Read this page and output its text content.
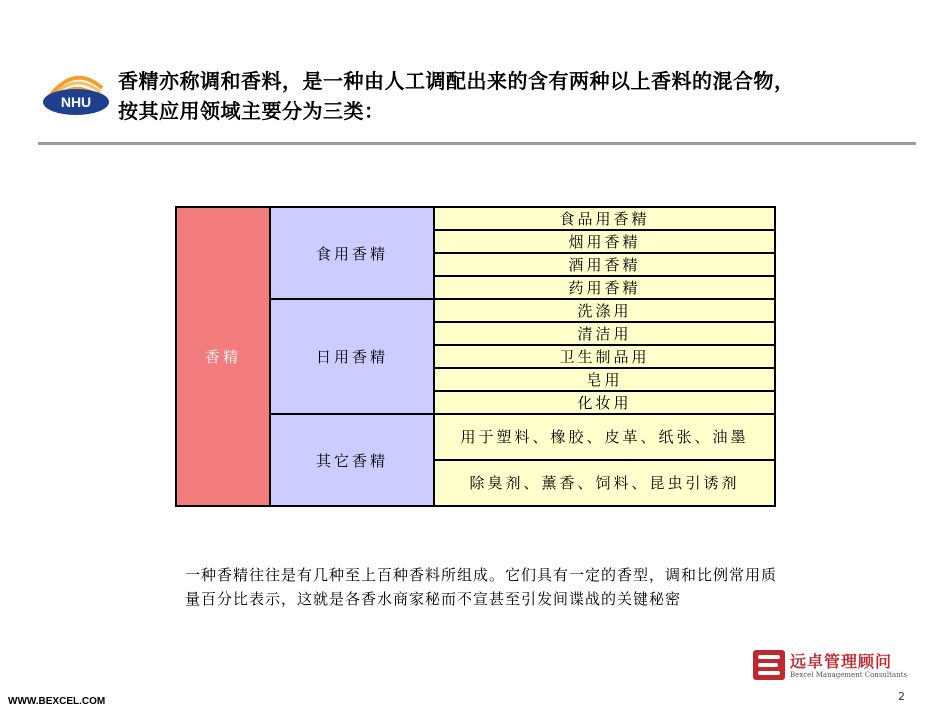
NHU
香精亦称调和香料，是一种由人工调配出来的含有两种以上香料的混合物，
按其应用领域主要分为三类：
香精	食用香精	食品用香精
		烟用香精
		酒用香精
		药用香精
	日用香精	洗涤用
		清洁用
		卫生制品用
		皂用
		化妆用
	其它香精	用于塑料、橡胶、皮革、纸张、油墨
		除臭剂、薰香、饲料、昆虫引诱剂
一种香精往往是有几种至上百种香料所组成。它们具有一定的香型，调和比例常用质量百分比表示，这就是各香水商家秘而不宣甚至引发间谍战的关键秘密
远卓管理顾问
Bexcel Management Consultants
WWW.BEXCEL.COM	2
